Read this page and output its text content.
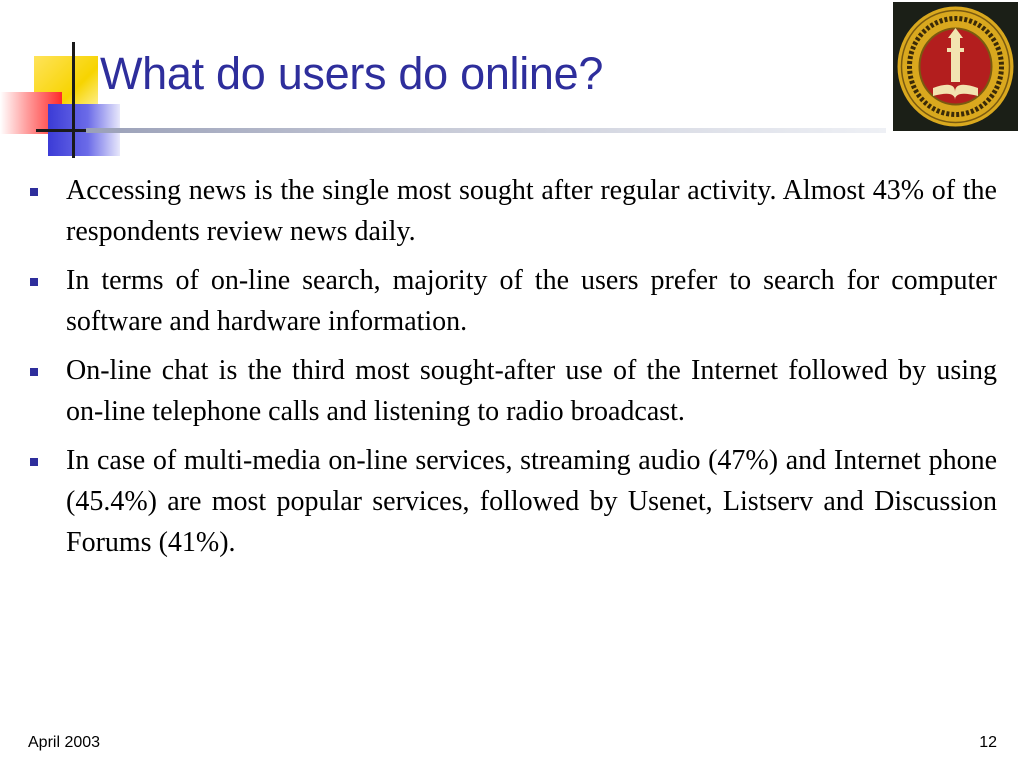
What do users do online?
Accessing news is the single most sought after regular activity. Almost 43% of the respondents review news daily.
In terms of on-line search, majority of the users prefer to search for computer software and hardware information.
On-line chat is the third most sought-after use of the Internet followed by using on-line telephone calls and listening to radio broadcast.
In case of multi-media on-line services, streaming audio (47%) and Internet phone (45.4%) are most popular services, followed by Usenet, Listserv and Discussion Forums (41%).
April 2003	12
